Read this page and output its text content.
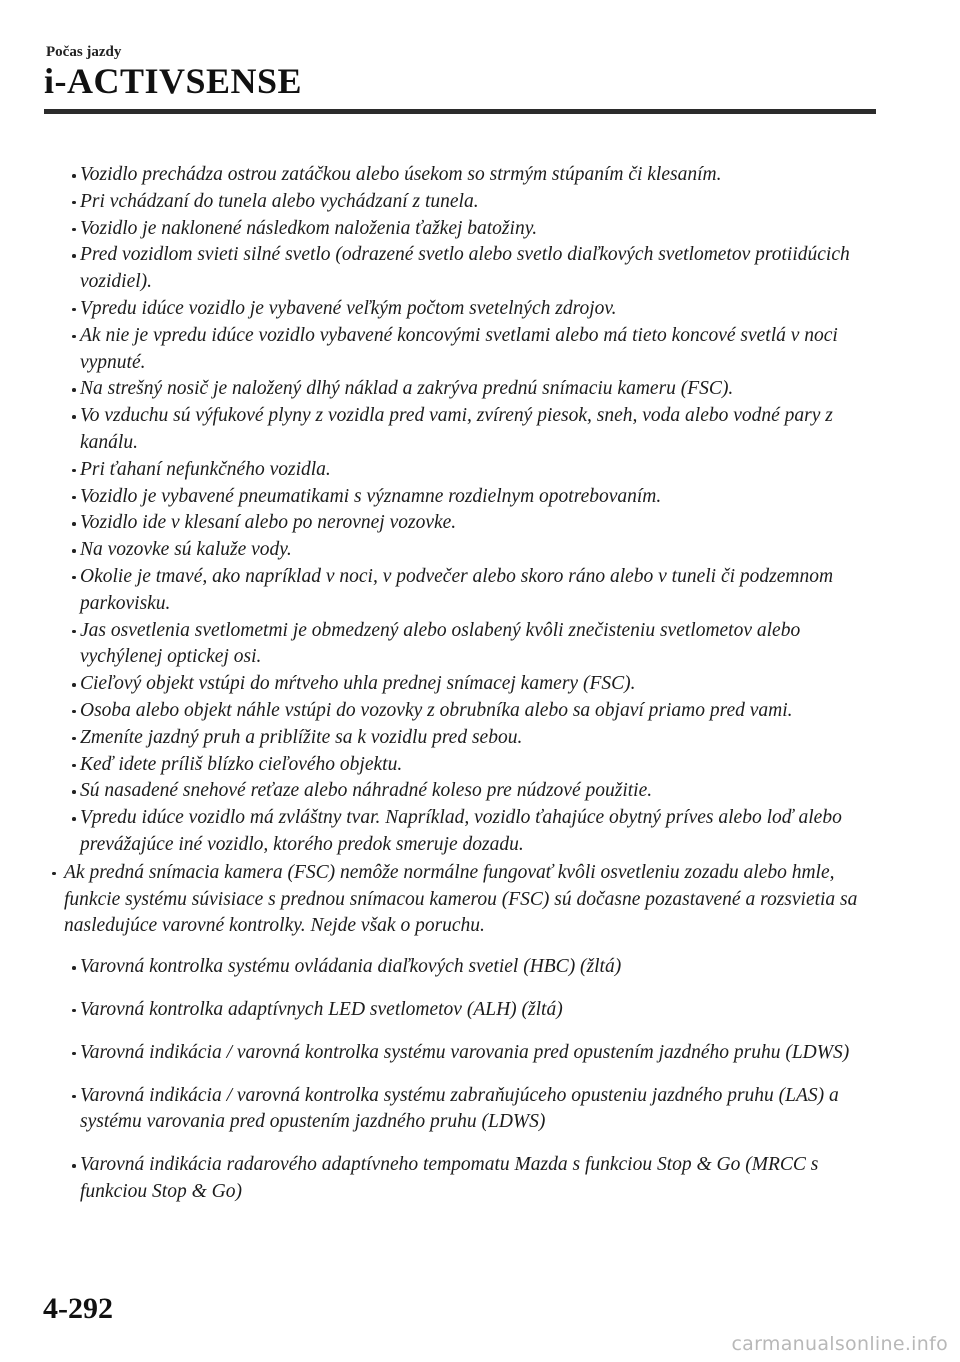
Počas jazdy
i-ACTIVSENSE
Vozidlo prechádza ostrou zatáčkou alebo úsekom so strmým stúpaním či klesaním.
Pri vchádzaní do tunela alebo vychádzaní z tunela.
Vozidlo je naklonené následkom naloženia ťažkej batožiny.
Pred vozidlom svieti silné svetlo (odrazené svetlo alebo svetlo diaľkových svetlometov protiidúcich vozidiel).
Vpredu idúce vozidlo je vybavené veľkým počtom svetelných zdrojov.
Ak nie je vpredu idúce vozidlo vybavené koncovými svetlami alebo má tieto koncové svetlá v noci vypnuté.
Na strešný nosič je naložený dlhý náklad a zakrýva prednú snímaciu kameru (FSC).
Vo vzduchu sú výfukové plyny z vozidla pred vami, zvírený piesok, sneh, voda alebo vodné pary z kanálu.
Pri ťahaní nefunkčného vozidla.
Vozidlo je vybavené pneumatikami s významne rozdielnym opotrebovaním.
Vozidlo ide v klesaní alebo po nerovnej vozovke.
Na vozovke sú kaluže vody.
Okolie je tmavé, ako napríklad v noci, v podvečer alebo skoro ráno alebo v tuneli či podzemnom parkovisku.
Jas osvetlenia svetlometmi je obmedzený alebo oslabený kvôli znečisteniu svetlometov alebo vychýlenej optickej osi.
Cieľový objekt vstúpi do mŕtveho uhla prednej snímacej kamery (FSC).
Osoba alebo objekt náhle vstúpi do vozovky z obrubníka alebo sa objaví priamo pred vami.
Zmeníte jazdný pruh a priblížite sa k vozidlu pred sebou.
Keď idete príliš blízko cieľového objektu.
Sú nasadené snehové reťaze alebo náhradné koleso pre núdzové použitie.
Vpredu idúce vozidlo má zvláštny tvar. Napríklad, vozidlo ťahajúce obytný príves alebo loď alebo prevážajúce iné vozidlo, ktorého predok smeruje dozadu.
Ak predná snímacia kamera (FSC) nemôže normálne fungovať kvôli osvetleniu zozadu alebo hmle, funkcie systému súvisiace s prednou snímacou kamerou (FSC) sú dočasne pozastavené a rozsvietia sa nasledujúce varovné kontrolky. Nejde však o poruchu.
Varovná kontrolka systému ovládania diaľkových svetiel (HBC) (žltá)
Varovná kontrolka adaptívnych LED svetlometov (ALH) (žltá)
Varovná indikácia / varovná kontrolka systému varovania pred opustením jazdného pruhu (LDWS)
Varovná indikácia / varovná kontrolka systému zabraňujúceho opusteniu jazdného pruhu (LAS) a systému varovania pred opustením jazdného pruhu (LDWS)
Varovná indikácia radarového adaptívneho tempomatu Mazda s funkciou Stop & Go (MRCC s funkciou Stop & Go)
4-292
carmanualsonline.info
